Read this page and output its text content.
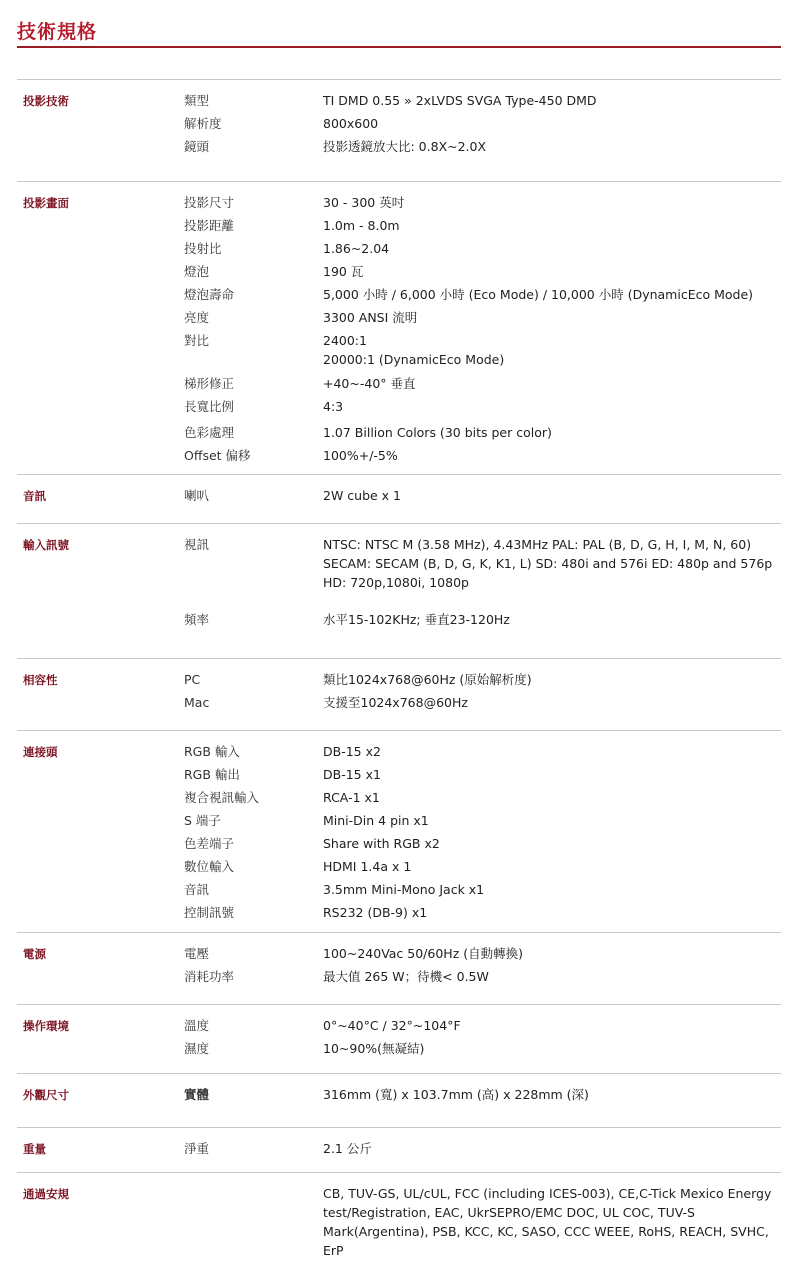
技術規格
投影技術	類型	TI DMD 0.55 » 2xLVDS SVGA Type-450 DMD
解析度	800x600
鏡頭	投影透鏡放大比: 0.8X~2.0X
投影畫面	投影尺寸	30 - 300 英吋
投影距離	1.0m - 8.0m
投射比	1.86~2.04
燈泡	190 瓦
燈泡壽命	5,000 小時 / 6,000 小時 (Eco Mode) / 10,000 小時 (DynamicEco Mode)
亮度	3300 ANSI 流明
對比	2400:1
20000:1 (DynamicEco Mode)
梯形修正	+40~-40° 垂直
長寬比例	4:3
色彩處理	1.07 Billion Colors (30 bits per color)
Offset 偏移	100%+/-5%
音訊	喇叭	2W cube x 1
輸入訊號	視訊	NTSC: NTSC M (3.58 MHz), 4.43MHz PAL: PAL (B, D, G, H, I, M, N, 60) SECAM: SECAM (B, D, G, K, K1, L) SD: 480i and 576i ED: 480p and 576p HD: 720p,1080i, 1080p
頻率	水平15-102KHz; 垂直23-120Hz
相容性	PC	類比1024x768@60Hz (原始解析度)
Mac	支援至1024x768@60Hz
連接頭	RGB 輸入	DB-15 x2
RGB 輸出	DB-15 x1
複合視訊輸入	RCA-1 x1
S 端子	Mini-Din 4 pin x1
色差端子	Share with RGB x2
數位輸入	HDMI 1.4a x 1
音訊	3.5mm Mini-Mono Jack x1
控制訊號	RS232 (DB-9) x1
電源	電壓	100~240Vac 50/60Hz (自動轉換)
消耗功率	最大值 265 W；待機< 0.5W
操作環境	溫度	0°~40°C / 32°~104°F
濕度	10~90%(無凝結)
外觀尺寸	實體	316mm (寬) x 103.7mm (高) x 228mm (深)
重量	淨重	2.1 公斤
通過安規	CB, TUV-GS, UL/cUL, FCC (including ICES-003), CE,C-Tick Mexico Energy test/Registration, EAC, UkrSEPRO/EMC DOC, UL COC, TUV-S Mark(Argentina), PSB, KCC, KC, SASO, CCC WEEE, RoHS, REACH, SVHC, ErP
